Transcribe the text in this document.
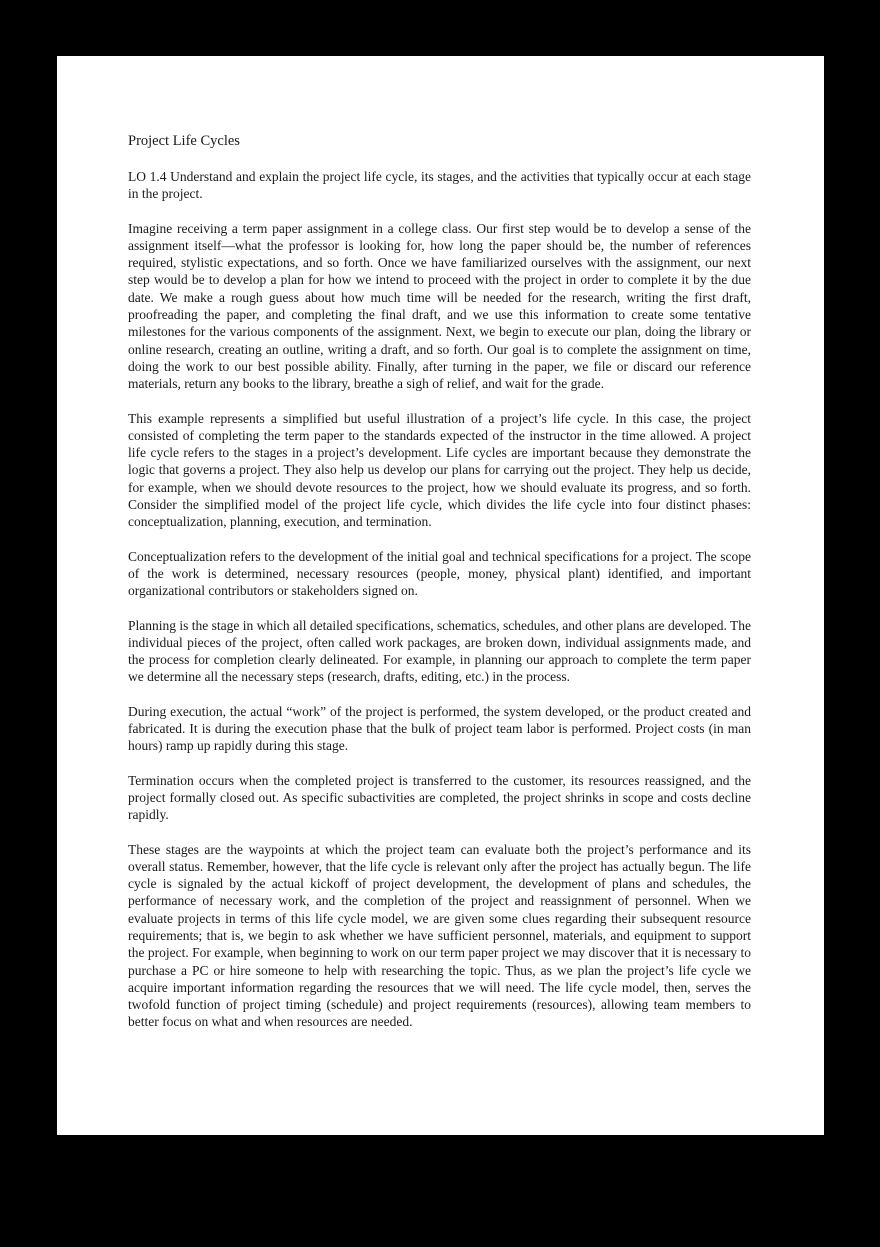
Project Life Cycles

LO 1.4 Understand and explain the project life cycle, its stages, and the activities that typically occur at each stage in the project.

Imagine receiving a term paper assignment in a college class. Our first step would be to develop a sense of the assignment itself—what the professor is looking for, how long the paper should be, the number of references required, stylistic expectations, and so forth. Once we have familiarized ourselves with the assignment, our next step would be to develop a plan for how we intend to proceed with the project in order to complete it by the due date. We make a rough guess about how much time will be needed for the research, writing the first draft, proofreading the paper, and completing the final draft, and we use this information to create some tentative milestones for the various components of the assignment. Next, we begin to execute our plan, doing the library or online research, creating an outline, writing a draft, and so forth. Our goal is to complete the assignment on time, doing the work to our best possible ability. Finally, after turning in the paper, we file or discard our reference materials, return any books to the library, breathe a sigh of relief, and wait for the grade.

This example represents a simplified but useful illustration of a project’s life cycle. In this case, the project consisted of completing the term paper to the standards expected of the instructor in the time allowed. A project life cycle refers to the stages in a project’s development. Life cycles are important because they demonstrate the logic that governs a project. They also help us develop our plans for carrying out the project. They help us decide, for example, when we should devote resources to the project, how we should evaluate its progress, and so forth. Consider the simplified model of the project life cycle, which divides the life cycle into four distinct phases: conceptualization, planning, execution, and termination.

Conceptualization refers to the development of the initial goal and technical specifications for a project. The scope of the work is determined, necessary resources (people, money, physical plant) identified, and important organizational contributors or stakeholders signed on.

Planning is the stage in which all detailed specifications, schematics, schedules, and other plans are developed. The individual pieces of the project, often called work packages, are broken down, individual assignments made, and the process for completion clearly delineated. For example, in planning our approach to complete the term paper we determine all the necessary steps (research, drafts, editing, etc.) in the process.

During execution, the actual “work” of the project is performed, the system developed, or the product created and fabricated. It is during the execution phase that the bulk of project team labor is performed. Project costs (in man hours) ramp up rapidly during this stage.

Termination occurs when the completed project is transferred to the customer, its resources reassigned, and the project formally closed out. As specific subactivities are completed, the project shrinks in scope and costs decline rapidly.

These stages are the waypoints at which the project team can evaluate both the project’s performance and its overall status. Remember, however, that the life cycle is relevant only after the project has actually begun. The life cycle is signaled by the actual kickoff of project development, the development of plans and schedules, the performance of necessary work, and the completion of the project and reassignment of personnel. When we evaluate projects in terms of this life cycle model, we are given some clues regarding their subsequent resource requirements; that is, we begin to ask whether we have sufficient personnel, materials, and equipment to support the project. For example, when beginning to work on our term paper project we may discover that it is necessary to purchase a PC or hire someone to help with researching the topic. Thus, as we plan the project’s life cycle we acquire important information regarding the resources that we will need. The life cycle model, then, serves the twofold function of project timing (schedule) and project requirements (resources), allowing team members to better focus on what and when resources are needed.
